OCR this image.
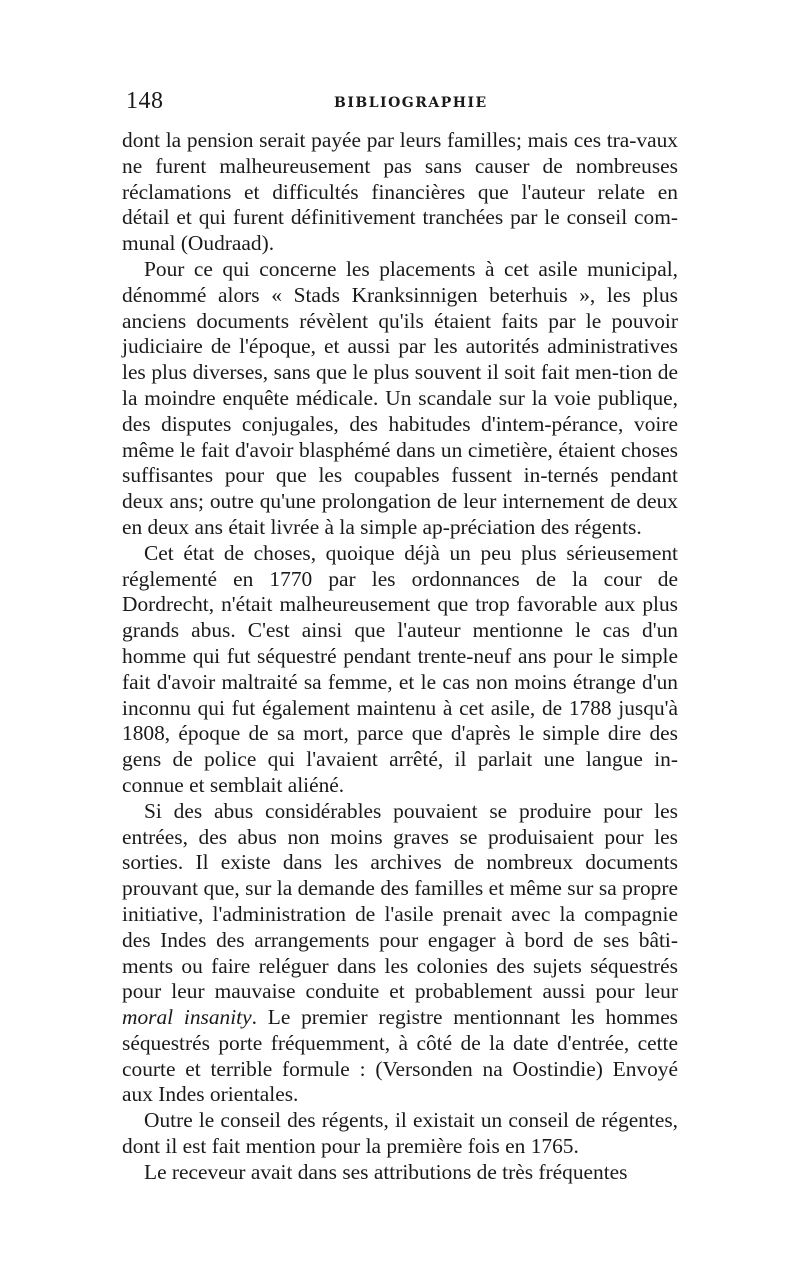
148	BIBLIOGRAPHIE

dont la pension serait payée par leurs familles; mais ces tra-vaux ne furent malheureusement pas sans causer de nombreuses réclamations et difficultés financières que l'auteur relate en détail et qui furent définitivement tranchées par le conseil com-munal (Oudraad).

Pour ce qui concerne les placements à cet asile municipal, dénommé alors « Stads Kranksinnigen beterhuis », les plus anciens documents révèlent qu'ils étaient faits par le pouvoir judiciaire de l'époque, et aussi par les autorités administratives les plus diverses, sans que le plus souvent il soit fait men-tion de la moindre enquête médicale. Un scandale sur la voie publique, des disputes conjugales, des habitudes d'intem-pérance, voire même le fait d'avoir blasphémé dans un cimetière, étaient choses suffisantes pour que les coupables fussent in-ternés pendant deux ans; outre qu'une prolongation de leur internement de deux en deux ans était livrée à la simple ap-préciation des régents.

Cet état de choses, quoique déjà un peu plus sérieusement réglementé en 1770 par les ordonnances de la cour de Dordrecht, n'était malheureusement que trop favorable aux plus grands abus. C'est ainsi que l'auteur mentionne le cas d'un homme qui fut séquestré pendant trente-neuf ans pour le simple fait d'avoir maltraité sa femme, et le cas non moins étrange d'un inconnu qui fut également maintenu à cet asile, de 1788 jusqu'à 1808, époque de sa mort, parce que d'après le simple dire des gens de police qui l'avaient arrêté, il parlait une langue in-connue et semblait aliéné.

Si des abus considérables pouvaient se produire pour les entrées, des abus non moins graves se produisaient pour les sorties. Il existe dans les archives de nombreux documents prouvant que, sur la demande des familles et même sur sa propre initiative, l'administration de l'asile prenait avec la compagnie des Indes des arrangements pour engager à bord de ses bâti-ments ou faire reléguer dans les colonies des sujets séquestrés pour leur mauvaise conduite et probablement aussi pour leur moral insanity. Le premier registre mentionnant les hommes séquestrés porte fréquemment, à côté de la date d'entrée, cette courte et terrible formule : (Versonden na Oostindie) Envoyé aux Indes orientales.

Outre le conseil des régents, il existait un conseil de régentes, dont il est fait mention pour la première fois en 1765.

Le receveur avait dans ses attributions de très fréquentes
